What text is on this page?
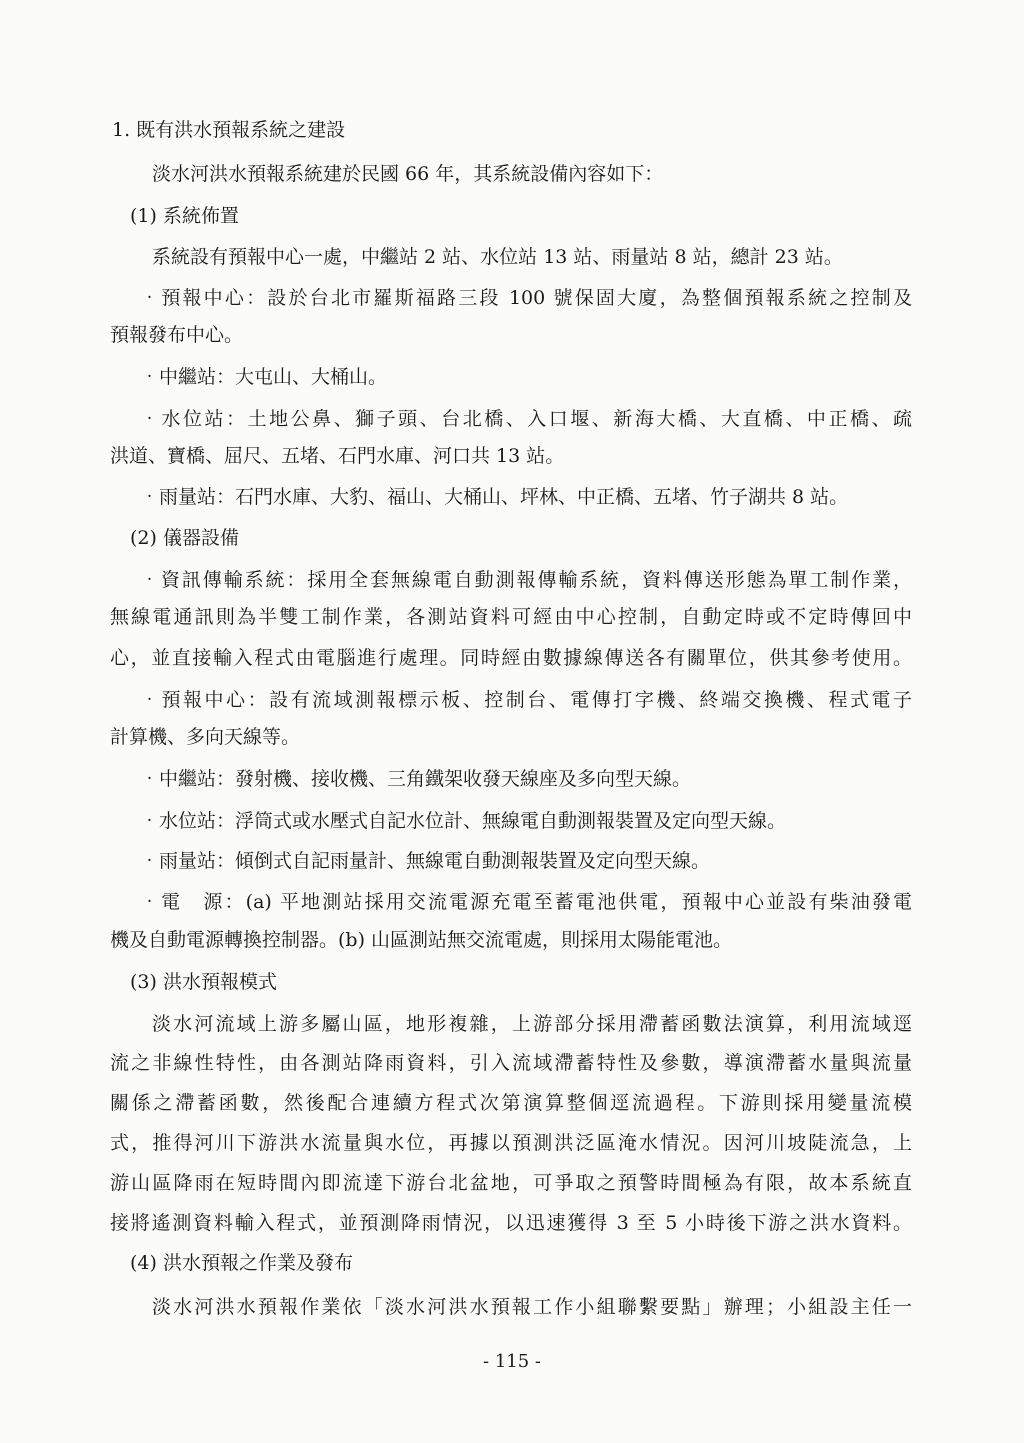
1. 既有洪水預報系統之建設
淡水河洪水預報系統建於民國 66 年，其系統設備內容如下：
(1) 系統佈置
系統設有預報中心一處，中繼站 2 站、水位站 13 站、雨量站 8 站，總計 23 站。
‧預報中心：設於台北市羅斯福路三段 100 號保固大廈，為整個預報系統之控制及
預報發布中心。
‧中繼站：大屯山、大桶山。
‧水位站：土地公鼻、獅子頭、台北橋、入口堰、新海大橋、大直橋、中正橋、疏
洪道、寶橋、屈尺、五堵、石門水庫、河口共 13 站。
‧雨量站：石門水庫、大豹、福山、大桶山、坪林、中正橋、五堵、竹子湖共 8 站。
(2) 儀器設備
‧資訊傳輸系統：採用全套無線電自動測報傳輸系統，資料傳送形態為單工制作業，
無線電通訊則為半雙工制作業，各測站資料可經由中心控制，自動定時或不定時傳回中
心，並直接輸入程式由電腦進行處理。同時經由數據線傳送各有關單位，供其參考使用。
‧預報中心：設有流域測報標示板、控制台、電傳打字機、終端交換機、程式電子
計算機、多向天線等。
‧中繼站：發射機、接收機、三角鐵架收發天線座及多向型天線。
‧水位站：浮筒式或水壓式自記水位計、無線電自動測報裝置及定向型天線。
‧雨量站：傾倒式自記雨量計、無線電自動測報裝置及定向型天線。
‧電　源：(a) 平地測站採用交流電源充電至蓄電池供電，預報中心並設有柴油發電
機及自動電源轉換控制器。(b) 山區測站無交流電處，則採用太陽能電池。
(3) 洪水預報模式
淡水河流域上游多屬山區，地形複雜，上游部分採用滯蓄函數法演算，利用流域逕
流之非線性特性，由各測站降雨資料，引入流域滯蓄特性及參數，導演滯蓄水量與流量
關係之滯蓄函數，然後配合連續方程式次第演算整個逕流過程。下游則採用變量流模
式，推得河川下游洪水流量與水位，再據以預測洪泛區淹水情況。因河川坡陡流急，上
游山區降雨在短時間內即流達下游台北盆地，可爭取之預警時間極為有限，故本系統直
接將遙測資料輸入程式，並預測降雨情況，以迅速獲得 3 至 5 小時後下游之洪水資料。
(4) 洪水預報之作業及發布
淡水河洪水預報作業依「淡水河洪水預報工作小組聯繫要點」辦理；小組設主任一
- 115 -
